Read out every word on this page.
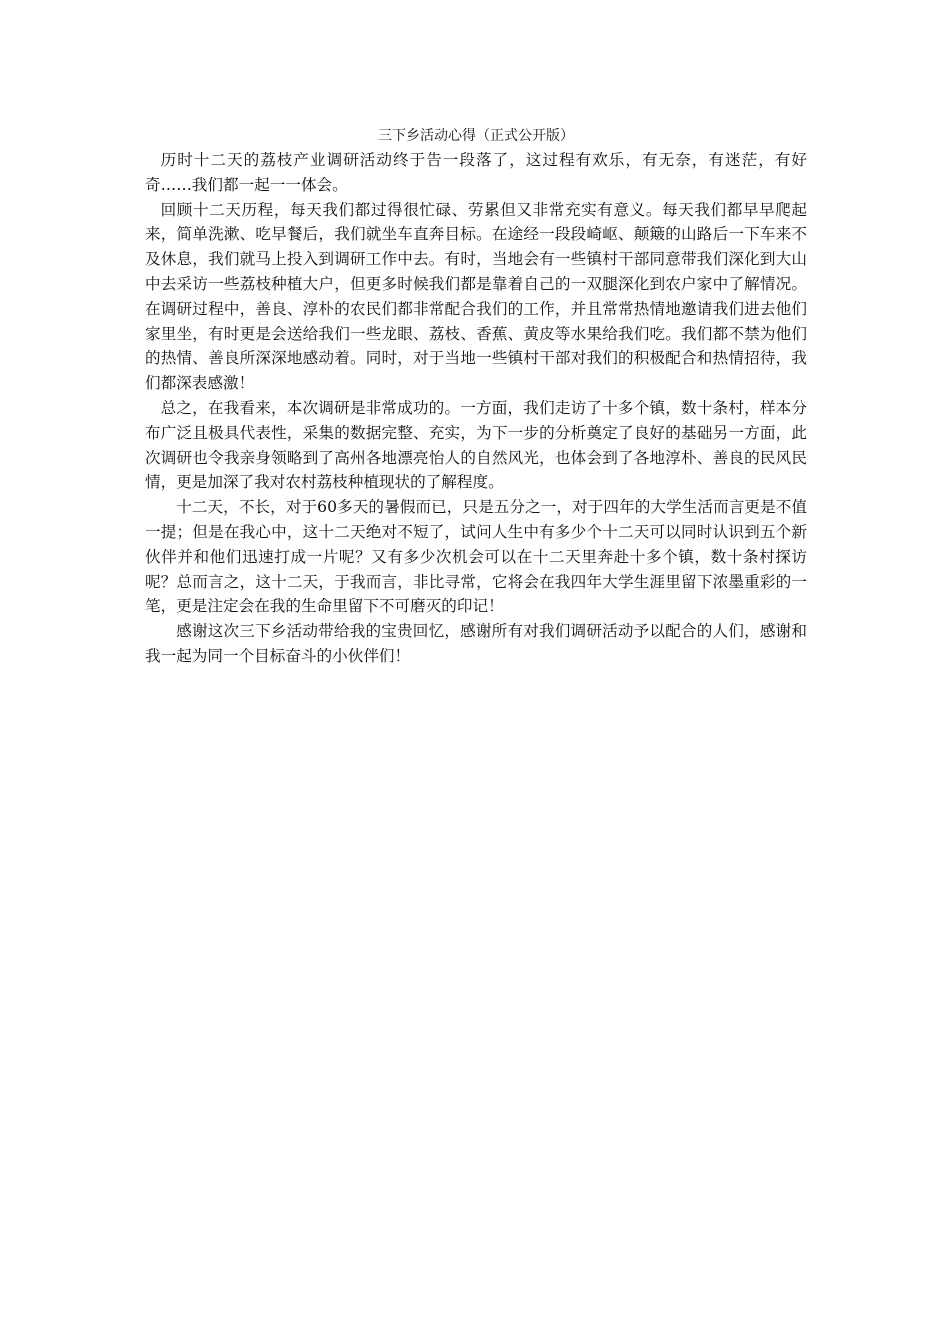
三下乡活动心得（正式公开版）

历时十二天的荔枝产业调研活动终于告一段落了，这过程有欢乐，有无奈，有迷茫，有好奇……我们都一起一一体会。

回顾十二天历程，每天我们都过得很忙碌、劳累但又非常充实有意义。每天我们都早早爬起来，简单洗漱、吃早餐后，我们就坐车直奔目标。在途经一段段崎岖、颠簸的山路后一下车来不及休息，我们就马上投入到调研工作中去。有时，当地会有一些镇村干部同意带我们深化到大山中去采访一些荔枝种植大户，但更多时候我们都是靠着自己的一双腿深化到农户家中了解情况。在调研过程中，善良、淳朴的农民们都非常配合我们的工作，并且常常热情地邀请我们进去他们家里坐，有时更是会送给我们一些龙眼、荔枝、香蕉、黄皮等水果给我们吃。我们都不禁为他们的热情、善良所深深地感动着。同时，对于当地一些镇村干部对我们的积极配合和热情招待，我们都深表感激！

总之，在我看来，本次调研是非常成功的。一方面，我们走访了十多个镇，数十条村，样本分布广泛且极具代表性，采集的数据完整、充实，为下一步的分析奠定了良好的基础另一方面，此次调研也令我亲身领略到了高州各地漂亮怡人的自然风光，也体会到了各地淳朴、善良的民风民情，更是加深了我对农村荔枝种植现状的了解程度。

十二天，不长，对于60多天的暑假而已，只是五分之一，对于四年的大学生活而言更是不值一提；但是在我心中，这十二天绝对不短了，试问人生中有多少个十二天可以同时认识到五个新伙伴并和他们迅速打成一片呢？又有多少次机会可以在十二天里奔赴十多个镇，数十条村探访呢？总而言之，这十二天，于我而言，非比寻常，它将会在我四年大学生涯里留下浓墨重彩的一笔，更是注定会在我的生命里留下不可磨灭的印记！

感谢这次三下乡活动带给我的宝贵回忆，感谢所有对我们调研活动予以配合的人们，感谢和我一起为同一个目标奋斗的小伙伴们！
